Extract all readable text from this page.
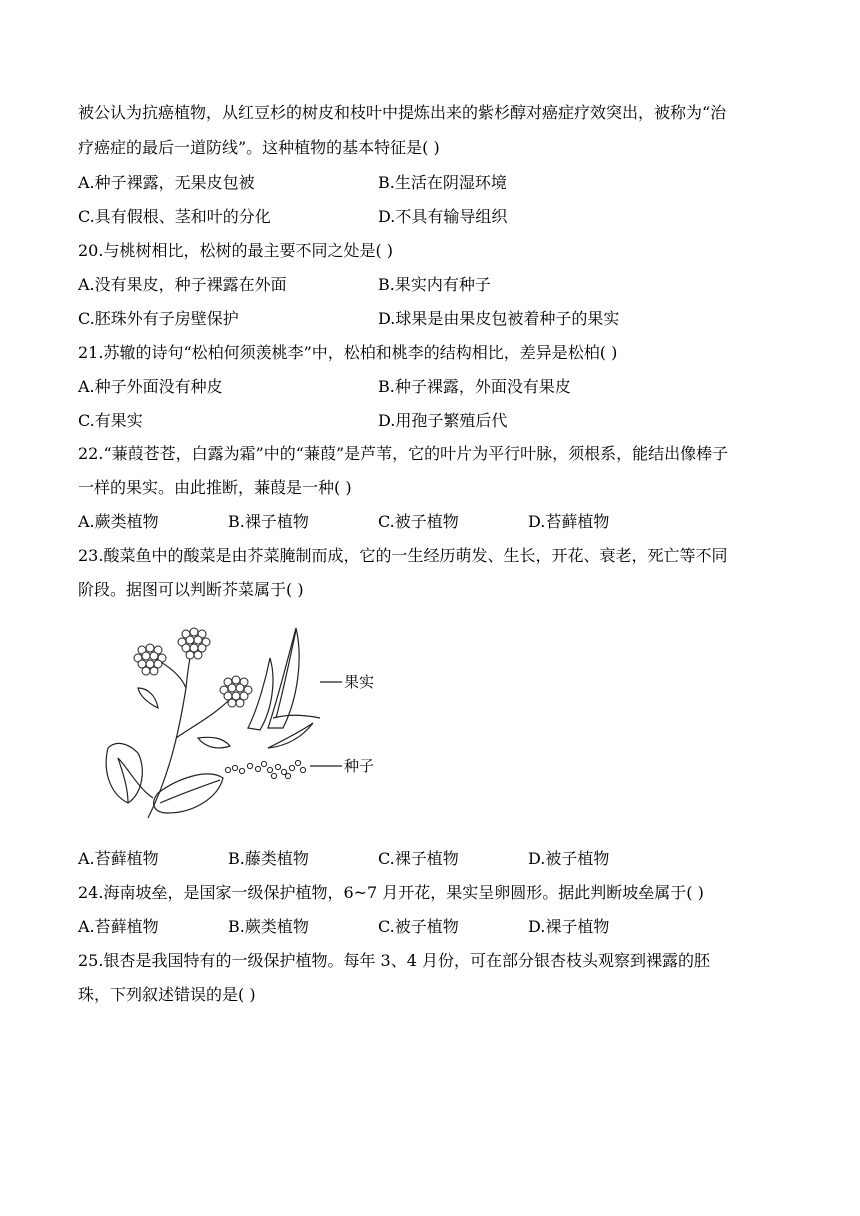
被公认为抗癌植物，从红豆杉的树皮和枝叶中提炼出来的紫杉醇对癌症疗效突出，被称为“治
疗癌症的最后一道防线”。这种植物的基本特征是( )
A.种子裸露，无果皮包被	B.生活在阴湿环境
C.具有假根、茎和叶的分化	D.不具有输导组织
20.与桃树相比，松树的最主要不同之处是( )
A.没有果皮，种子裸露在外面	B.果实内有种子
C.胚珠外有子房壁保护	D.球果是由果皮包被着种子的果实
21.苏辙的诗句“松柏何须羡桃李”中，松柏和桃李的结构相比，差异是松柏( )
A.种子外面没有种皮	B.种子裸露，外面没有果皮
C.有果实	D.用孢子繁殖后代
22.“蒹葭苍苍，白露为霜”中的“蒹葭”是芦苇，它的叶片为平行叶脉，须根系，能结出像棒子
一样的果实。由此推断，蒹葭是一种( )
A.蕨类植物	B.裸子植物	C.被子植物	D.苔藓植物
23.酸菜鱼中的酸菜是由芥菜腌制而成，它的一生经历萌发、生长，开花、衰老，死亡等不同
阶段。据图可以判断芥菜属于( )
果实
种子
A.苔藓植物	B.藤类植物	C.裸子植物	D.被子植物
24.海南坡垒，是国家一级保护植物，6~7 月开花，果实呈卵圆形。据此判断坡垒属于( )
A.苔藓植物	B.蕨类植物	C.被子植物	D.裸子植物
25.银杏是我国特有的一级保护植物。每年 3、4 月份，可在部分银杏枝头观察到裸露的胚
珠，下列叙述错误的是( )
